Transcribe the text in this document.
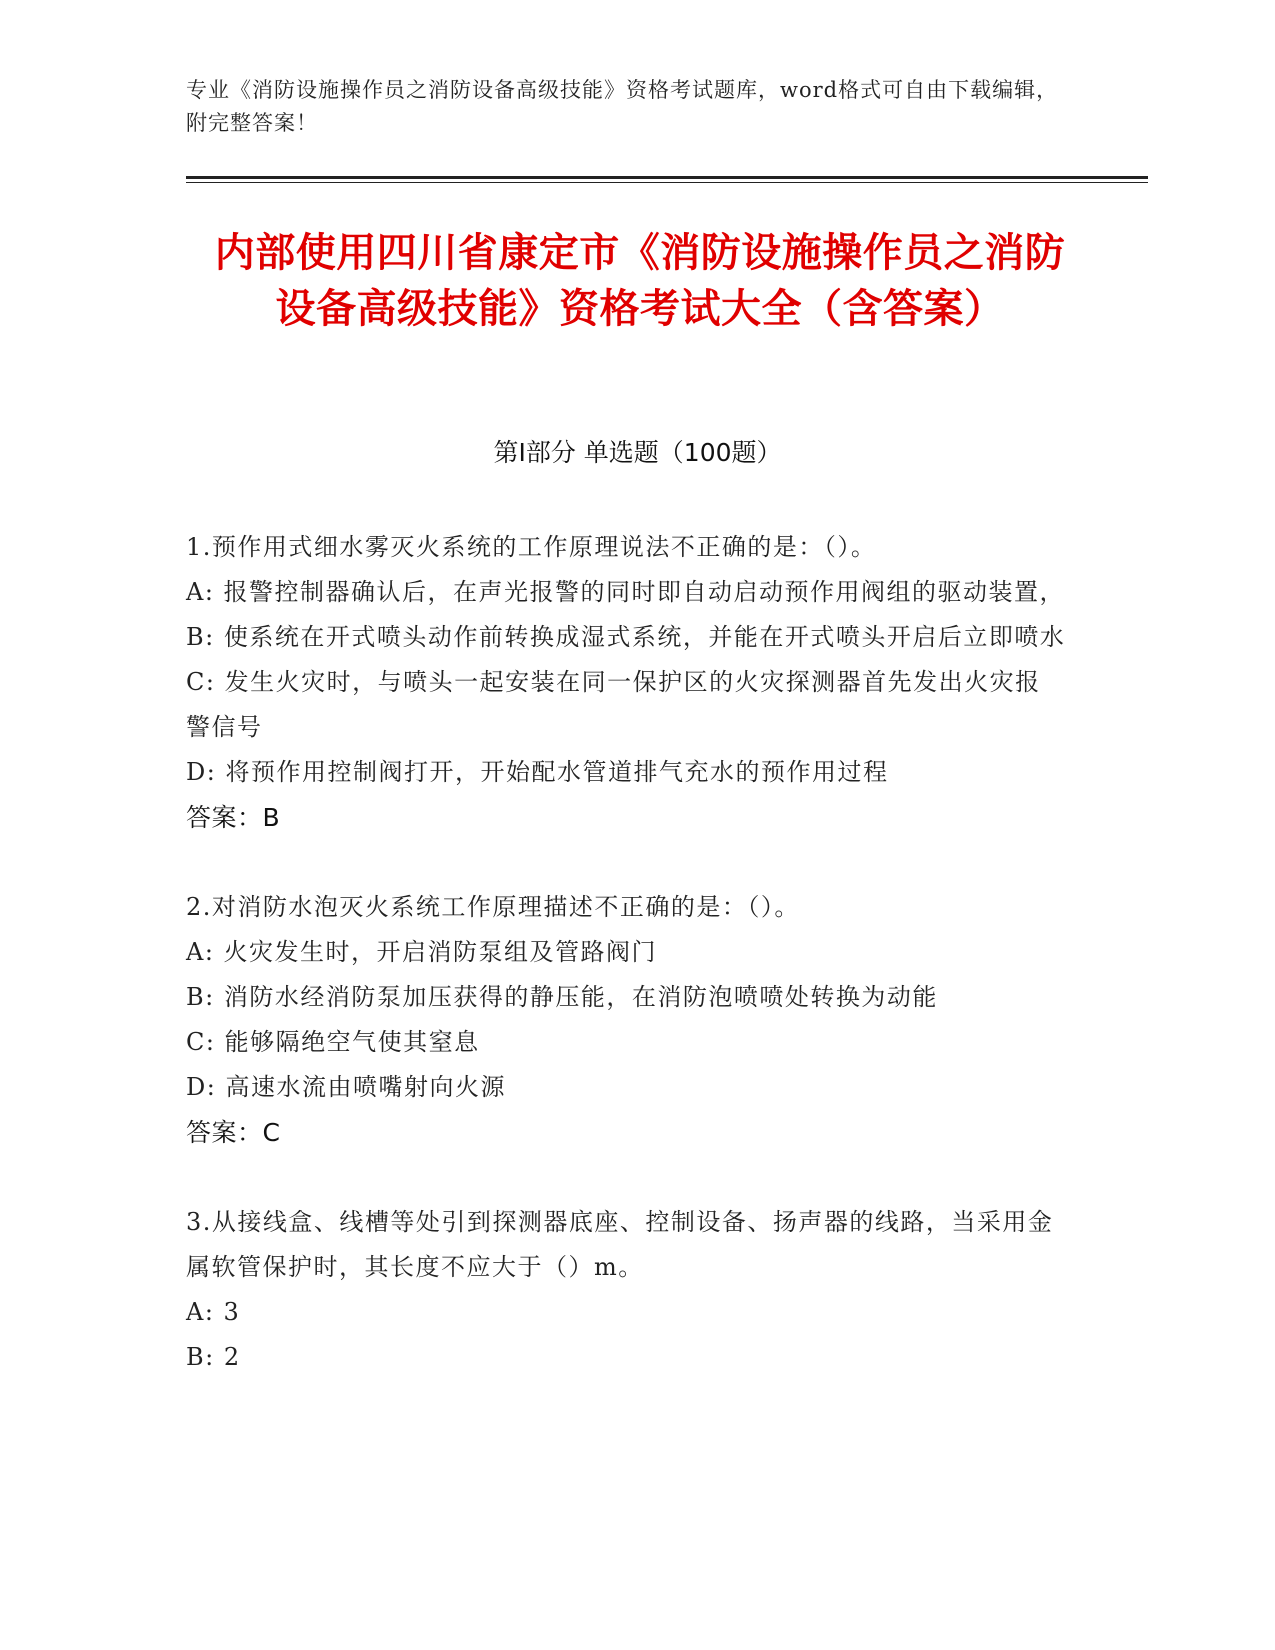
专业《消防设施操作员之消防设备高级技能》资格考试题库，word格式可自由下载编辑，附完整答案！
内部使用四川省康定市《消防设施操作员之消防设备高级技能》资格考试大全（含答案）
第Ⅰ部分 单选题（100题）

1.预作用式细水雾灭火系统的工作原理说法不正确的是：（）。

A: 报警控制器确认后，在声光报警的同时即自动启动预作用阀组的驱动装置，

B: 使系统在开式喷头动作前转换成湿式系统，并能在开式喷头开启后立即喷水

C: 发生火灾时，与喷头一起安装在同一保护区的火灾探测器首先发出火灾报警信号

D: 将预作用控制阀打开，开始配水管道排气充水的预作用过程

答案：B

2.对消防水泡灭火系统工作原理描述不正确的是：（）。

A: 火灾发生时，开启消防泵组及管路阀门

B: 消防水经消防泵加压获得的静压能，在消防泡喷喷处转换为动能

C: 能够隔绝空气使其窒息

D: 高速水流由喷嘴射向火源

答案：C

3.从接线盒、线槽等处引到探测器底座、控制设备、扬声器的线路，当采用金属软管保护时，其长度不应大于（）m。

A: 3

B: 2
